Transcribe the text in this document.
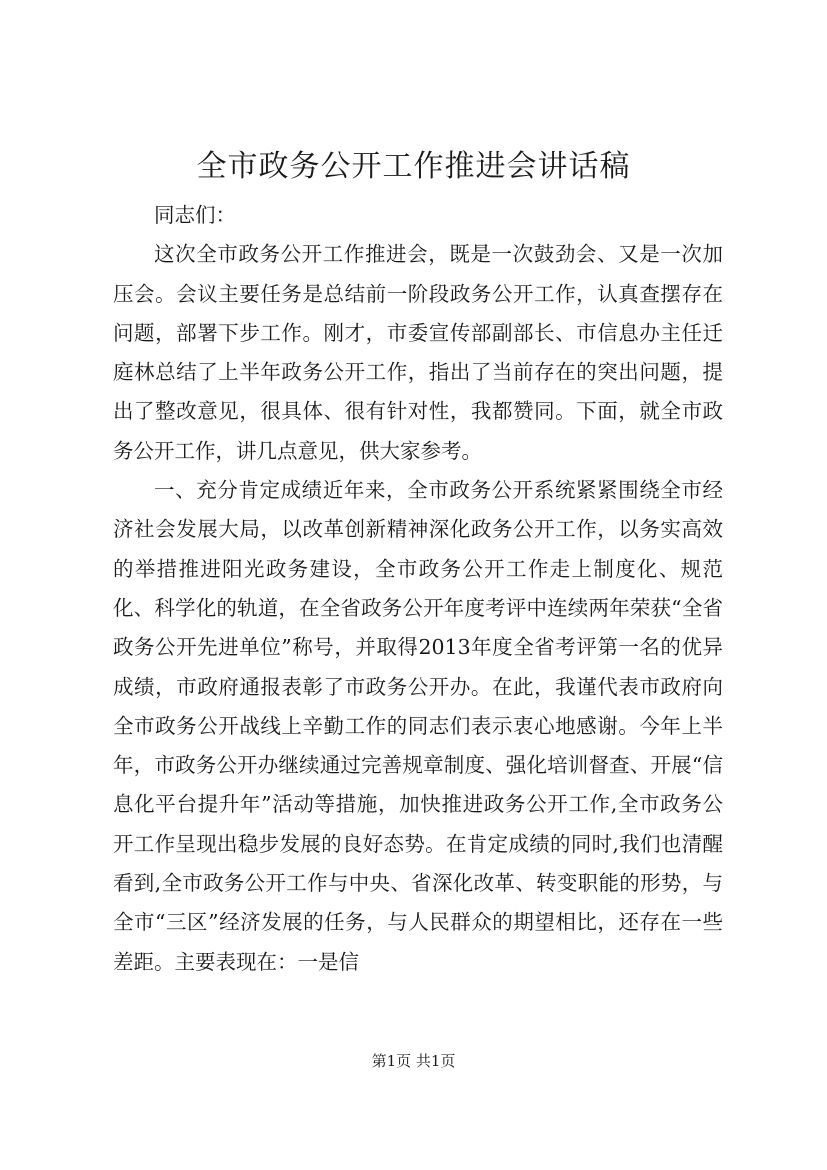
全市政务公开工作推进会讲话稿

同志们：

这次全市政务公开工作推进会，既是一次鼓劲会、又是一次加压会。会议主要任务是总结前一阶段政务公开工作，认真查摆存在问题，部署下步工作。刚才，市委宣传部副部长、市信息办主任迁庭林总结了上半年政务公开工作，指出了当前存在的突出问题，提出了整改意见，很具体、很有针对性，我都赞同。下面，就全市政务公开工作，讲几点意见，供大家参考。

一、充分肯定成绩近年来，全市政务公开系统紧紧围绕全市经济社会发展大局，以改革创新精神深化政务公开工作，以务实高效的举措推进阳光政务建设，全市政务公开工作走上制度化、规范化、科学化的轨道，在全省政务公开年度考评中连续两年荣获“全省政务公开先进单位”称号，并取得2013年度全省考评第一名的优异成绩，市政府通报表彰了市政务公开办。在此，我谨代表市政府向全市政务公开战线上辛勤工作的同志们表示衷心地感谢。今年上半年，市政务公开办继续通过完善规章制度、强化培训督查、开展“信息化平台提升年”活动等措施，加快推进政务公开工作,全市政务公开工作呈现出稳步发展的良好态势。在肯定成绩的同时,我们也清醒看到,全市政务公开工作与中央、省深化改革、转变职能的形势，与全市“三区”经济发展的任务，与人民群众的期望相比，还存在一些差距。主要表现在：一是信

第1页 共1页
